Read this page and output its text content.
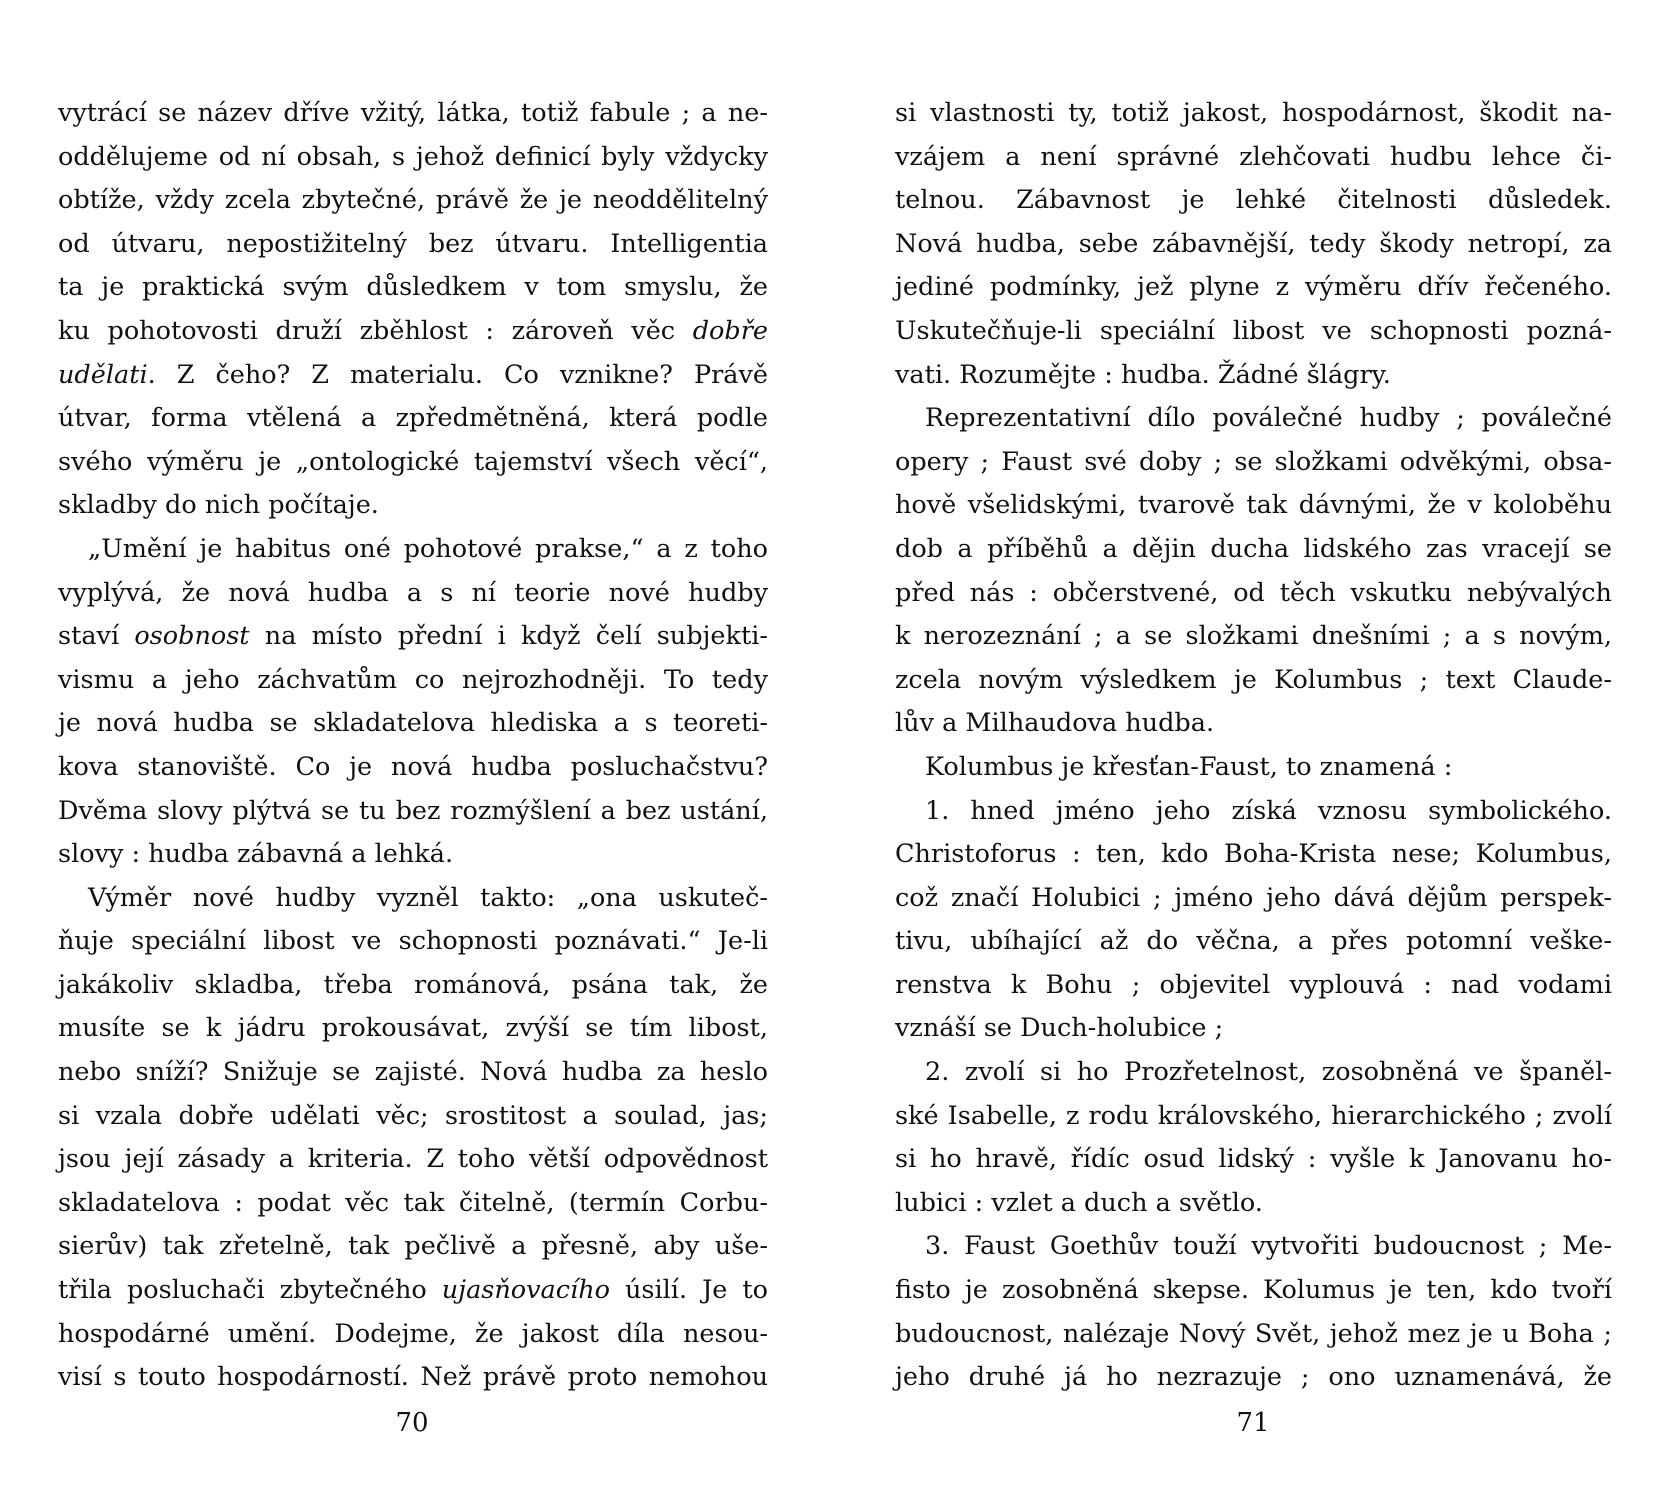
vytrácí se název dříve vžitý, látka, totiž fabule ; a ne-
oddělujeme od ní obsah, s jehož definicí byly vždycky
obtíže, vždy zcela zbytečné, právě že je neoddělitelný
od útvaru, nepostižitelný bez útvaru. Intelligentia
ta je praktická svým důsledkem v tom smyslu, že
ku pohotovosti druží zběhlost : zároveň věc dobře
udělati. Z čeho? Z materialu. Co vznikne? Právě
útvar, forma vtělená a zpředmětněná, která podle
svého výměru je „ontologické tajemství všech věcí“,
skladby do nich počítaje.
„Umění je habitus oné pohotové prakse,“ a z toho
vyplývá, že nová hudba a s ní teorie nové hudby
staví osobnost na místo přední i když čelí subjekti-
vismu a jeho záchvatům co nejrozhodněji. To tedy
je nová hudba se skladatelova hlediska a s teoreti-
kova stanoviště. Co je nová hudba posluchačstvu?
Dvěma slovy plýtvá se tu bez rozmýšlení a bez ustání,
slovy : hudba zábavná a lehká.
Výměr nové hudby vyzněl takto: „ona uskuteč-
ňuje speciální libost ve schopnosti poznávati.“ Je-li
jakákoliv skladba, třeba románová, psána tak, že
musíte se k jádru prokousávat, zvýší se tím libost,
nebo sníží? Snižuje se zajisté. Nová hudba za heslo
si vzala dobře udělati věc; srostitost a soulad, jas;
jsou její zásady a kriteria. Z toho větší odpovědnost
skladatelova : podat věc tak čitelně, (termín Corbu-
sierův) tak zřetelně, tak pečlivě a přesně, aby uše-
třila posluchači zbytečného ujasňovacího úsilí. Je to
hospodárné umění. Dodejme, že jakost díla nesou-
visí s touto hospodárností. Než právě proto nemohou
si vlastnosti ty, totiž jakost, hospodárnost, škodit na-
vzájem a není správné zlehčovati hudbu lehce či-
telnou. Zábavnost je lehké čitelnosti důsledek.
Nová hudba, sebe zábavnější, tedy škody netropí, za
jediné podmínky, jež plyne z výměru dřív řečeného.
Uskutečňuje-li speciální libost ve schopnosti pozná-
vati. Rozumějte : hudba. Žádné šlágry.
Reprezentativní dílo poválečné hudby ; poválečné
opery ; Faust své doby ; se složkami odvěkými, obsa-
hově všelidskými, tvarově tak dávnými, že v koloběhu
dob a příběhů a dějin ducha lidského zas vracejí se
před nás : občerstvené, od těch vskutku nebývalých
k nerozeznání ; a se složkami dnešními ; a s novým,
zcela novým výsledkem je Kolumbus ; text Claude-
lův a Milhaudova hudba.
Kolumbus je křesťan-Faust, to znamená :
1. hned jméno jeho získá vznosu symbolického.
Christoforus : ten, kdo Boha-Krista nese; Kolumbus,
což značí Holubici ; jméno jeho dává dějům perspek-
tivu, ubíhající až do věčna, a přes potomní veške-
renstva k Bohu ; objevitel vyplouvá : nad vodami
vznáší se Duch-holubice ;
2. zvolí si ho Prozřetelnost, zosobněná ve španěl-
ské Isabelle, z rodu královského, hierarchického ; zvolí
si ho hravě, řídíc osud lidský : vyšle k Janovanu ho-
lubici : vzlet a duch a světlo.
3. Faust Goethův touží vytvořiti budoucnost ; Me-
fisto je zosobněná skepse. Kolumus je ten, kdo tvoří
budoucnost, nalézaje Nový Svět, jehož mez je u Boha ;
jeho druhé já ho nezrazuje ; ono uznamenává, že
70	71
